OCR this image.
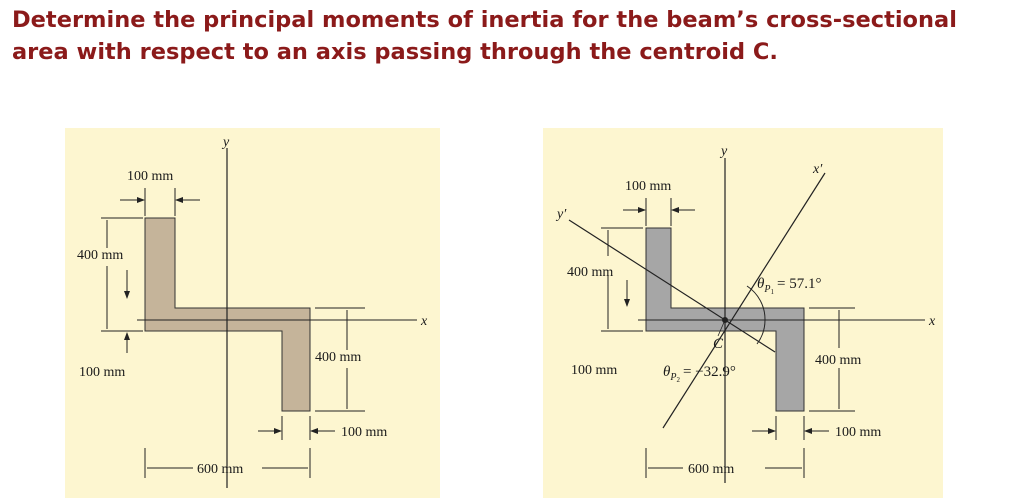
Determine the principal moments of inertia for the beam’s cross-sectional area with respect to an axis passing through the centroid C.
y
x
100 mm
400 mm
100 mm
400 mm
100 mm
600 mm
x′
y′
y
x
C
$\theta_P1 = 57.1^\circ$
$\theta_P2 = -32.9^\circ$
100 mm
400 mm
100 mm
400 mm
100 mm
600 mm
